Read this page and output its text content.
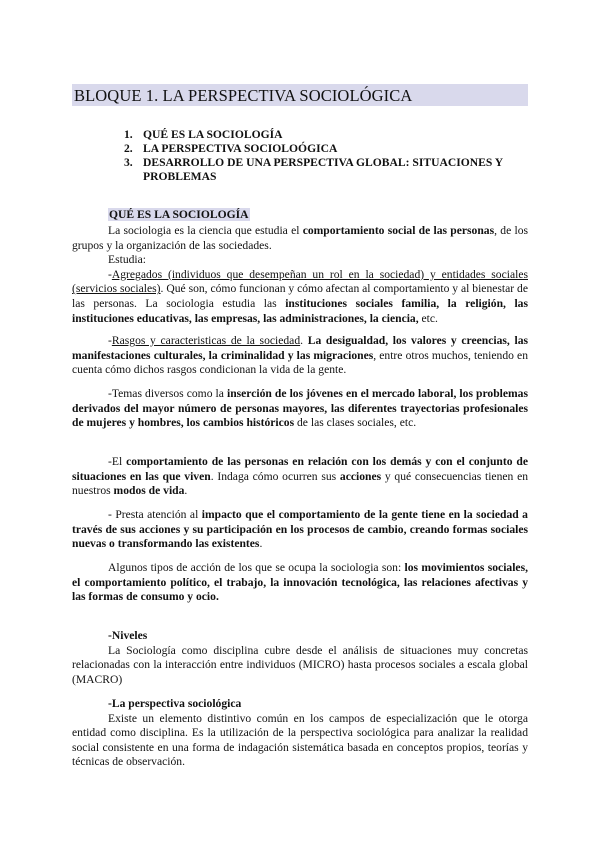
BLOQUE 1. LA PERSPECTIVA SOCIOLÓGICA
1. QUÉ ES LA SOCIOLOGÍA
2. LA PERSPECTIVA SOCIOLOÓGICA
3. DESARROLLO DE UNA PERSPECTIVA GLOBAL: SITUACIONES Y PROBLEMAS
QUÉ ES LA SOCIOLOGÍA

La sociologia es la ciencia que estudia el comportamiento social de las personas, de los grupos y la organización de las sociedades.

Estudia:

-Agregados (individuos que desempeñan un rol en la sociedad) y entidades sociales (servicios sociales). Qué son, cómo funcionan y cómo afectan al comportamiento y al bienestar de las personas. La sociologia estudia las instituciones sociales familia, la religión, las instituciones educativas, las empresas, las administraciones, la ciencia, etc.

-Rasgos y caracteristicas de la sociedad. La desigualdad, los valores y creencias, las manifestaciones culturales, la criminalidad y las migraciones, entre otros muchos, teniendo en cuenta cómo dichos rasgos condicionan la vida de la gente.

-Temas diversos como la inserción de los jóvenes en el mercado laboral, los problemas derivados del mayor número de personas mayores, las diferentes trayectorias profesionales de mujeres y hombres, los cambios históricos de las clases sociales, etc.

-El comportamiento de las personas en relación con los demás y con el conjunto de situaciones en las que viven. Indaga cómo ocurren sus acciones y qué consecuencias tienen en nuestros modos de vida.

- Presta atención al impacto que el comportamiento de la gente tiene en la sociedad a través de sus acciones y su participación en los procesos de cambio, creando formas sociales nuevas o transformando las existentes.

Algunos tipos de acción de los que se ocupa la sociologia son: los movimientos sociales, el comportamiento político, el trabajo, la innovación tecnológica, las relaciones afectivas y las formas de consumo y ocio.

-Niveles

La Sociología como disciplina cubre desde el análisis de situaciones muy concretas relacionadas con la interacción entre individuos (MICRO) hasta procesos sociales a escala global (MACRO)

-La perspectiva sociológica

Existe un elemento distintivo común en los campos de especialización que le otorga entidad como disciplina. Es la utilización de la perspectiva sociológica para analizar la realidad social consistente en una forma de indagación sistemática basada en conceptos propios, teorías y técnicas de observación.
